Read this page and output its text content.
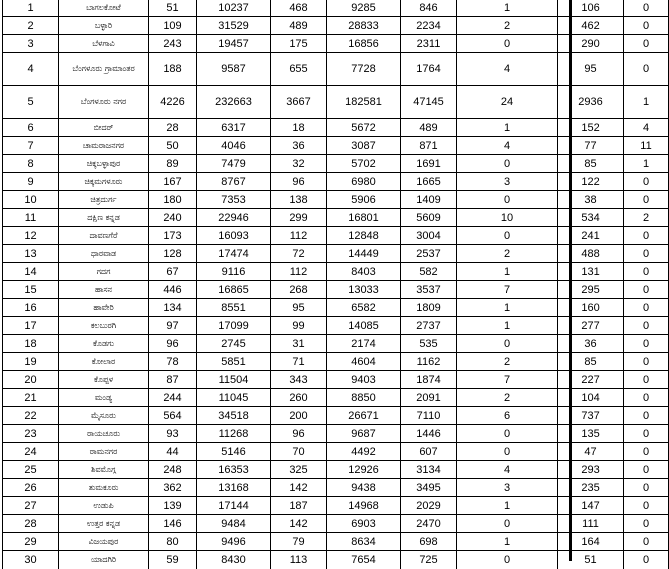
1	ಬಾಗಲಕೋಟೆ	51	10237	468	9285	846	1	106	0
2	ಬಳ್ಳಾರಿ	109	31529	489	28833	2234	2	462	0
3	ಬೆಳಗಾವಿ	243	19457	175	16856	2311	0	290	0
4	ಬೆಂಗಳೂರು ಗ್ರಾಮಾಂತರ	188	9587	655	7728	1764	4	95	0
5	ಬೆಂಗಳೂರು ನಗರ	4226	232663	3667	182581	47145	24	2936	1
6	ಬೀದರ್	28	6317	18	5672	489	1	152	4
7	ಚಾಮರಾಜನಗರ	50	4046	36	3087	871	4	77	11
8	ಚಿಕ್ಕಬಳ್ಳಾಪುರ	89	7479	32	5702	1691	0	85	1
9	ಚಿಕ್ಕಮಗಳೂರು	167	8767	96	6980	1665	3	122	0
10	ಚಿತ್ರದುರ್ಗ	180	7353	138	5906	1409	0	38	0
11	ದಕ್ಷಿಣ ಕನ್ನಡ	240	22946	299	16801	5609	10	534	2
12	ದಾವಣಗೆರೆ	173	16093	112	12848	3004	0	241	0
13	ಧಾರವಾಡ	128	17474	72	14449	2537	2	488	0
14	ಗದಗ	67	9116	112	8403	582	1	131	0
15	ಹಾಸನ	446	16865	268	13033	3537	7	295	0
16	ಹಾವೇರಿ	134	8551	95	6582	1809	1	160	0
17	ಕಲಬುರಗಿ	97	17099	99	14085	2737	1	277	0
18	ಕೊಡಗು	96	2745	31	2174	535	0	36	0
19	ಕೋಲಾರ	78	5851	71	4604	1162	2	85	0
20	ಕೊಪ್ಪಳ	87	11504	343	9403	1874	7	227	0
21	ಮಂಡ್ಯ	244	11045	260	8850	2091	2	104	0
22	ಮೈಸೂರು	564	34518	200	26671	7110	6	737	0
23	ರಾಯಚೂರು	93	11268	96	9687	1446	0	135	0
24	ರಾಮನಗರ	44	5146	70	4492	607	0	47	0
25	ಶಿವಮೊಗ್ಗ	248	16353	325	12926	3134	4	293	0
26	ತುಮಕೂರು	362	13168	142	9438	3495	3	235	0
27	ಉಡುಪಿ	139	17144	187	14968	2029	1	147	0
28	ಉತ್ತರ ಕನ್ನಡ	146	9484	142	6903	2470	0	111	0
29	ವಿಜಯಪುರ	80	9496	79	8634	698	1	164	0
30	ಯಾದಗಿರಿ	59	8430	113	7654	725	0	51	0
